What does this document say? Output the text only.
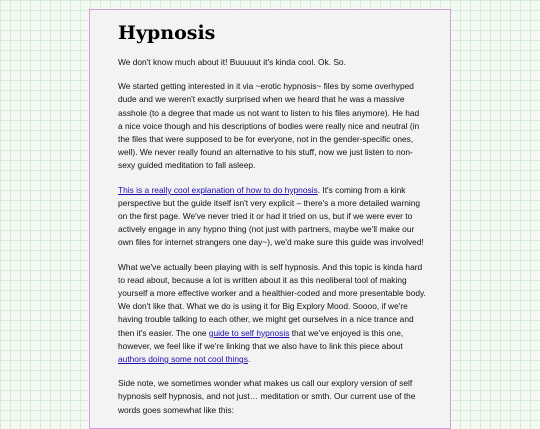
Hypnosis

We don't know much about it! Buuuuut it's kinda cool. Ok. So.

We started getting interested in it via ~erotic hypnosis~ files by some overhyped dude and we weren't exactly surprised when we heard that he was a massive asshole (to a degree that made us not want to listen to his files anymore). He had a nice voice though and his descriptions of bodies were really nice and neutral (in the files that were supposed to be for everyone, not in the gender-specific ones, well). We never really found an alternative to his stuff, now we just listen to non-sexy guided meditation to fall asleep.

This is a really cool explanation of how to do hypnosis. It's coming from a kink perspective but the guide itself isn't very explicit – there's a more detailed warning on the first page. We've never tried it or had it tried on us, but if we were ever to actively engage in any hypno thing (not just with partners, maybe we'll make our own files for internet strangers one day~), we'd make sure this guide was involved!

What we've actually been playing with is self hypnosis. And this topic is kinda hard to read about, because a lot is written about it as this neoliberal tool of making yourself a more effective worker and a healthier-coded and more presentable body. We don't like that. What we do is using it for Big Explory Mood. Soooo, if we're having trouble talking to each other, we might get ourselves in a nice trance and then it's easier. The one guide to self hypnosis that we've enjoyed is this one, however, we feel like if we're linking that we also have to link this piece about authors doing some not cool things.

Side note, we sometimes wonder what makes us call our explory version of self hypnosis self hypnosis, and not just… meditation or smth. Our current use of the words goes somewhat like this:
